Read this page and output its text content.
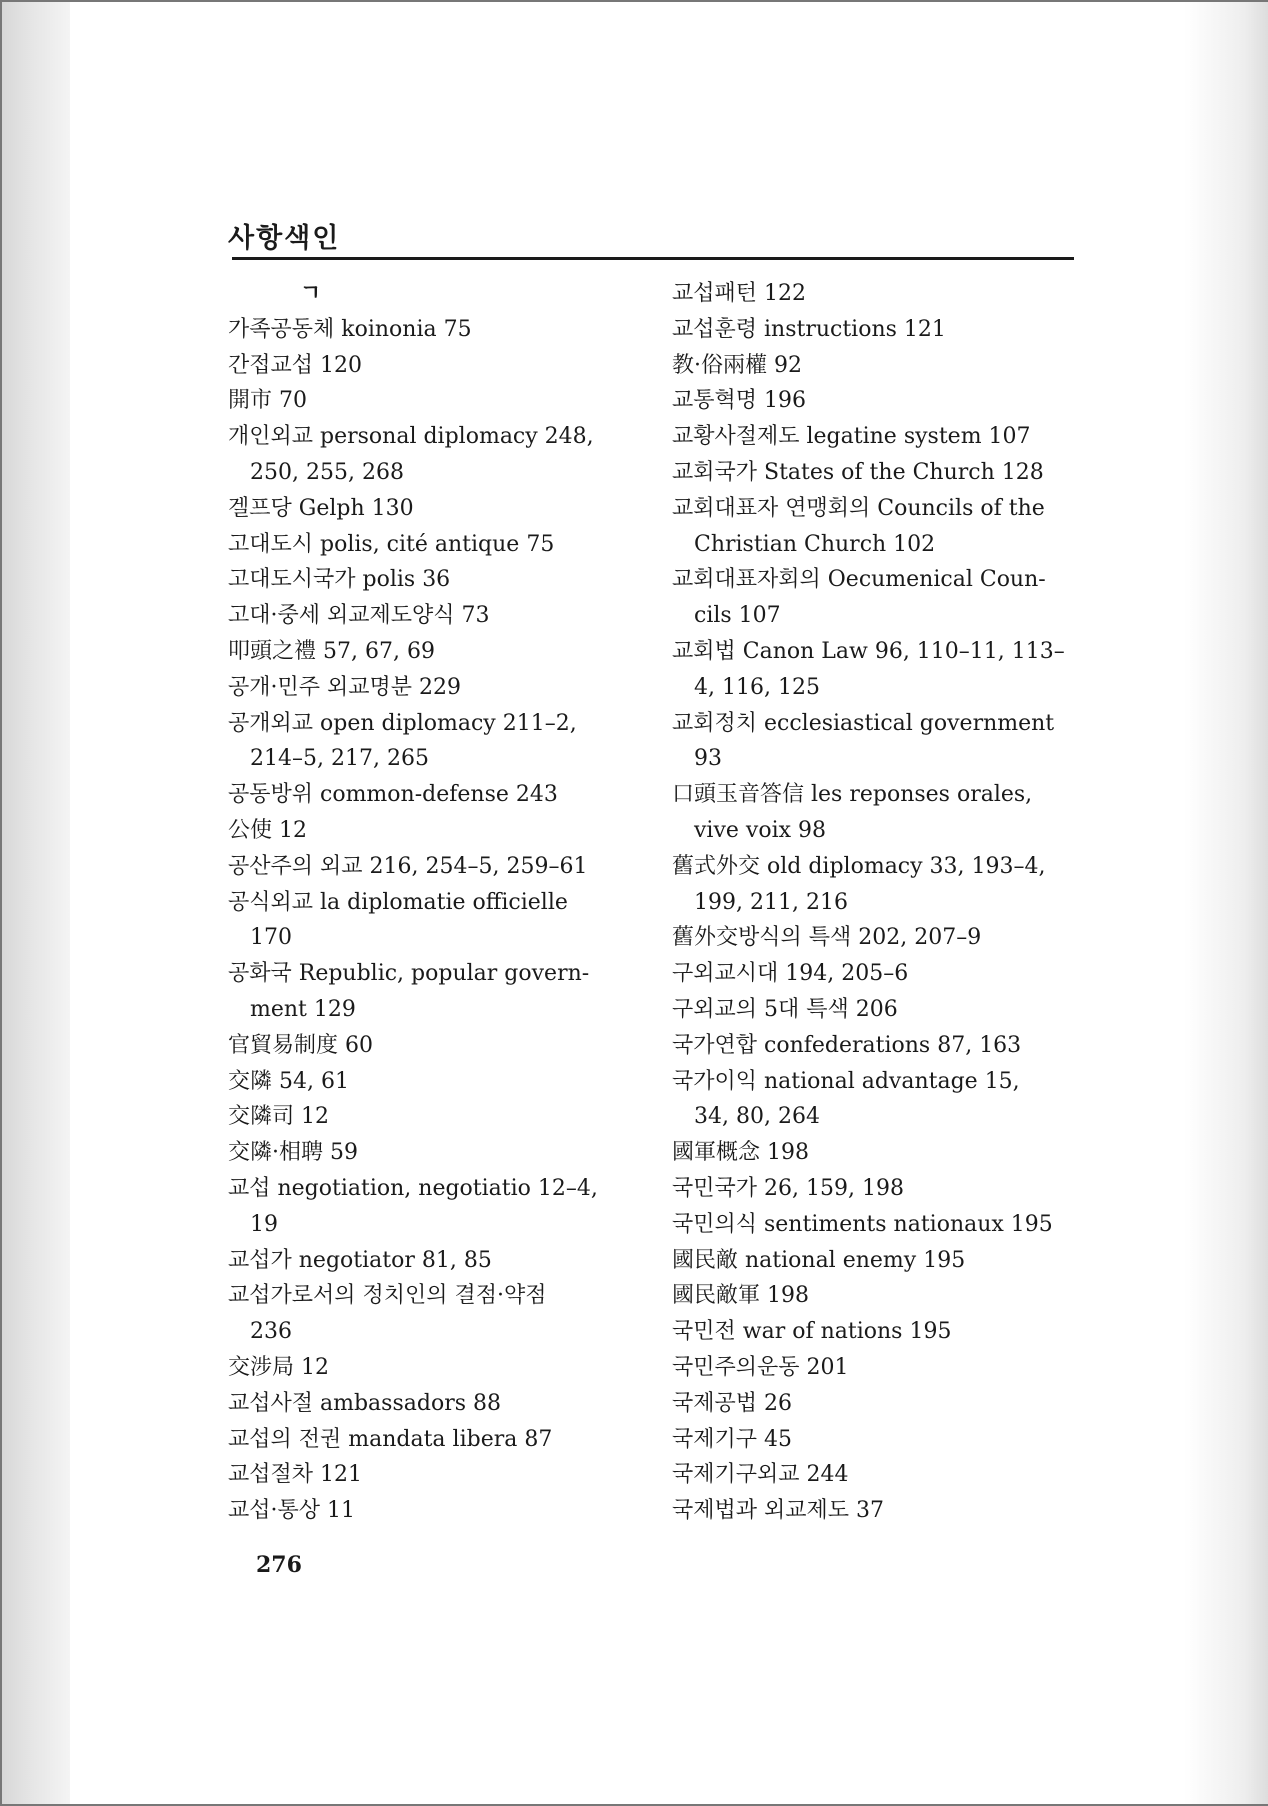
사항색인
ㄱ
가족공동체 koinonia 75
간접교섭 120
開市 70
개인외교 personal diplomacy 248,
250, 255, 268
겔프당 Gelph 130
고대도시 polis, cité antique 75
고대도시국가 polis 36
고대·중세 외교제도양식 73
叩頭之禮 57, 67, 69
공개·민주 외교명분 229
공개외교 open diplomacy 211–2,
214–5, 217, 265
공동방위 common-defense 243
公使 12
공산주의 외교 216, 254–5, 259–61
공식외교 la diplomatie officielle
170
공화국 Republic, popular govern-
ment 129
官貿易制度 60
交隣 54, 61
交隣司 12
交隣·相聘 59
교섭 negotiation, negotiatio 12–4,
19
교섭가 negotiator 81, 85
교섭가로서의 정치인의 결점·약점
236
交涉局 12
교섭사절 ambassadors 88
교섭의 전권 mandata libera 87
교섭절차 121
교섭·통상 11
교섭패턴 122
교섭훈령 instructions 121
教·俗兩權 92
교통혁명 196
교황사절제도 legatine system 107
교회국가 States of the Church 128
교회대표자 연맹회의 Councils of the
Christian Church 102
교회대표자회의 Oecumenical Coun-
cils 107
교회법 Canon Law 96, 110–11, 113–
4, 116, 125
교회정치 ecclesiastical government
93
口頭玉音答信 les reponses orales,
vive voix 98
舊式外交 old diplomacy 33, 193–4,
199, 211, 216
舊外交방식의 특색 202, 207–9
구외교시대 194, 205–6
구외교의 5대 특색 206
국가연합 confederations 87, 163
국가이익 national advantage 15,
34, 80, 264
國軍概念 198
국민국가 26, 159, 198
국민의식 sentiments nationaux 195
國民敵 national enemy 195
國民敵軍 198
국민전 war of nations 195
국민주의운동 201
국제공법 26
국제기구 45
국제기구외교 244
국제법과 외교제도 37
276
